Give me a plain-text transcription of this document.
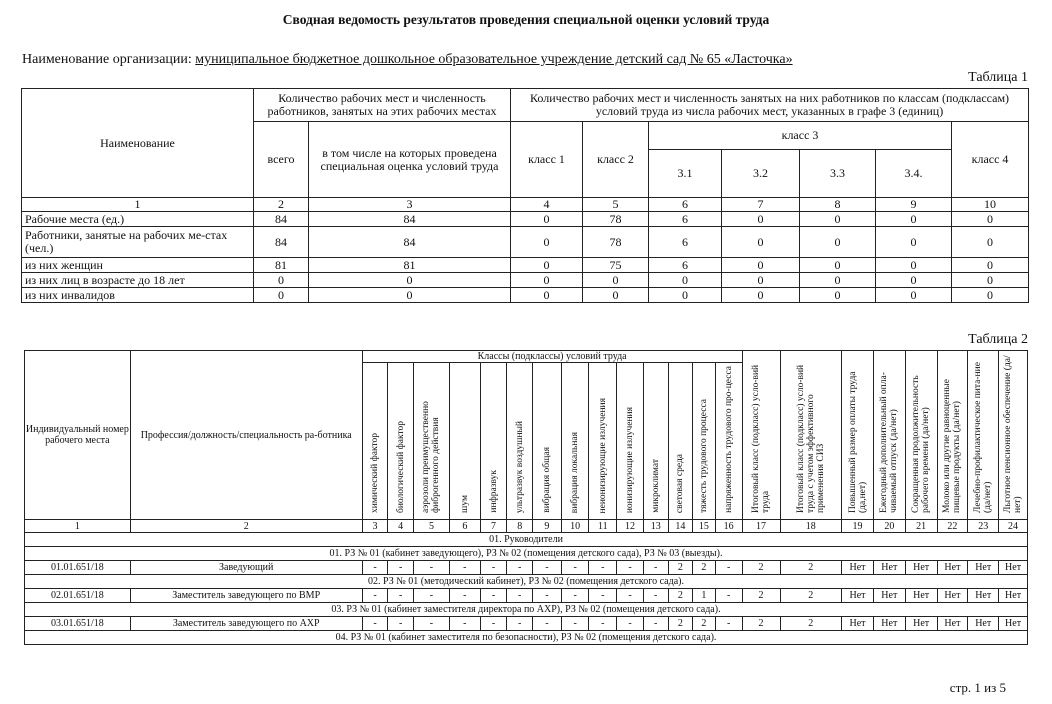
Сводная ведомость результатов проведения специальной оценки условий труда
Наименование организации: муниципальное бюджетное дошкольное образовательное учреждение детский сад № 65 «Ласточка»
Таблица 1
Наименование	Количество рабочих мест и численность работников, занятых на этих рабочих местах		Количество рабочих мест и численность занятых на них работников по классам (подклассам) условий труда из числа рабочих мест, указанных в графе 3 (единиц)						
	всего	в том числе на которых проведена специальная оценка условий труда	класс 1	класс 2	класс 3				класс 4
					3.1	3.2	3.3	3.4.	
1	2	3	4	5	6	7	8	9	10
Рабочие места (ед.)	84	84	0	78	6	0	0	0	0
Работники, занятые на рабочих ме-стах (чел.)	84	84	0	78	6	0	0	0	0
из них женщин	81	81	0	75	6	0	0	0	0
из них лиц в возрасте до 18 лет	0	0	0	0	0	0	0	0	0
из них инвалидов	0	0	0	0	0	0	0	0	0
Таблица 2
Индивидуальный номер рабочего места	Профессия/должность/специальность ра-ботника	Классы (подклассы) условий труда														Итоговый класс (подкласс) усло-вий труда	Итоговый класс (подкласс) усло-вий труда с учетом эффективного применения СИЗ	Повышенный размер оплаты труда (да,нет)	Ежегодный дополнительный опла-чиваемый отпуск (да/нет)	Сокращенная продолжительность рабочего времени (да/нет)	Молоко или другие равноценные пищевые продукты (да/нет)	Лечебно-профилактическое пита-ние (да/нет)	Льготное пенсионное обеспечение (да/нет)
		химический фактор	биологический фактор	аэрозоли преимущественно фиброгенного действия	шум	инфразвук	ультразвук воздушный	вибрация общая	вибрация локальная	неионизирующие излучения	ионизирующие излучения	микроклимат	световая среда	тяжесть трудового процесса	напряженность трудового про-цесса								
1	2	3	4	5	6	7	8	9	10	11	12	13	14	15	16	17	18	19	20	21	22	23	24
01. Руководители																							
01. РЗ № 01 (кабинет заведующего), РЗ № 02 (помещения детского сада), РЗ № 03 (выезды).																							
01.01.651/18	Заведующий	-	-	-	-	-	-	-	-	-	-	-	2	2	-	2	2	Нет	Нет	Нет	Нет	Нет	Нет
02. РЗ № 01 (методический кабинет), РЗ № 02 (помещения детского сада).																							
02.01.651/18	Заместитель заведующего по ВМР	-	-	-	-	-	-	-	-	-	-	-	2	1	-	2	2	Нет	Нет	Нет	Нет	Нет	Нет
03. РЗ № 01 (кабинет заместителя директора по АХР), РЗ № 02 (помещения детского сада).																							
03.01.651/18	Заместитель заведующего по АХР	-	-	-	-	-	-	-	-	-	-	-	2	2	-	2	2	Нет	Нет	Нет	Нет	Нет	Нет
04. РЗ № 01 (кабинет заместителя по безопасности), РЗ № 02 (помещения детского сада).																							
стр. 1 из 5
